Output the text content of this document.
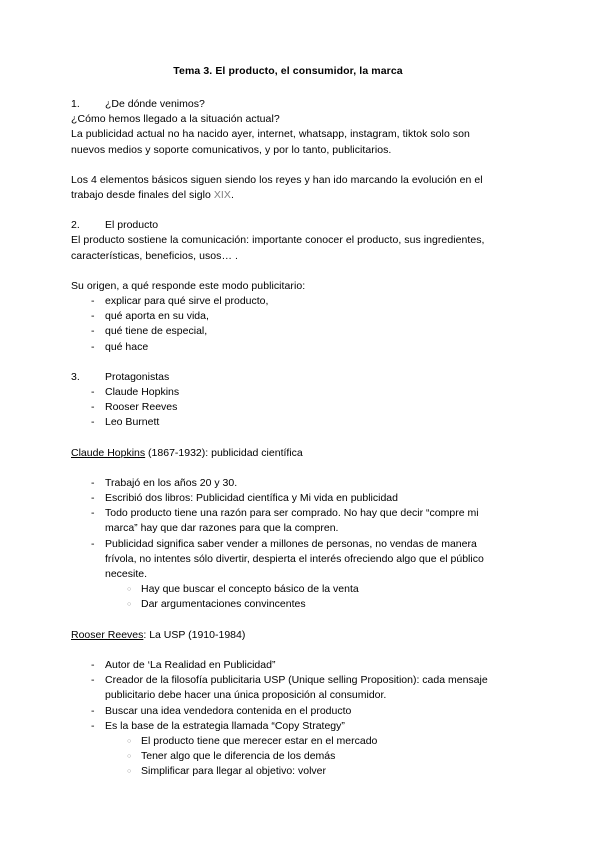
Tema 3. El producto, el consumidor, la marca
1. ¿De dónde venimos?

¿Cómo hemos llegado a la situación actual?

La publicidad actual no ha nacido ayer, internet, whatsapp, instagram, tiktok solo son nuevos medios y soporte comunicativos, y por lo tanto, publicitarios.

Los 4 elementos básicos siguen siendo los reyes y han ido marcando la evolución en el trabajo desde finales del siglo XIX.

2. El producto

El producto sostiene la comunicación: importante conocer el producto, sus ingredientes, características, beneficios, usos… .

Su origen, a qué responde este modo publicitario:

- explicar para qué sirve el producto,
- qué aporta en su vida,
- qué tiene de especial,
- qué hace
3. Protagonistas
- Claude Hopkins
- Rooser Reeves
- Leo Burnett

Claude Hopkins (1867-1932): publicidad científica

- Trabajó en los años 20 y 30.
- Escribió dos libros: Publicidad científica y Mi vida en publicidad
- Todo producto tiene una razón para ser comprado. No hay que decir “compre mi marca” hay que dar razones para que la compren.
- Publicidad significa saber vender a millones de personas, no vendas de manera frívola, no intentes sólo divertir, despierta el interés ofreciendo algo que el público necesite.
○ Hay que buscar el concepto básico de la venta
○ Dar argumentaciones convincentes

Rooser Reeves: La USP (1910-1984)

- Autor de ‘La Realidad en Publicidad”
- Creador de la filosofía publicitaria USP (Unique selling Proposition): cada mensaje publicitario debe hacer una única proposición al consumidor.
- Buscar una idea vendedora contenida en el producto
- Es la base de la estrategia llamada “Copy Strategy”
○ El producto tiene que merecer estar en el mercado
○ Tener algo que le diferencia de los demás
○ Simplificar para llegar al objetivo: volver
